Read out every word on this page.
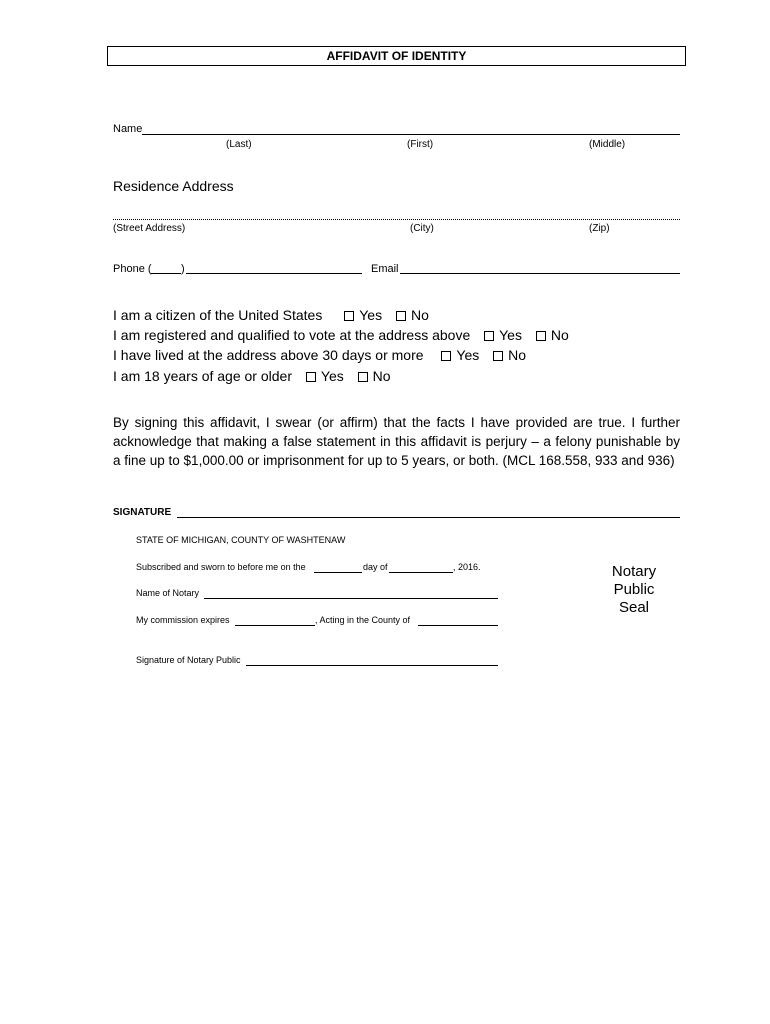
AFFIDAVIT OF IDENTITY
Name
(Last)	(First)	(Middle)
Residence Address
(Street Address)	(City)	(Zip)
Phone (	)	Email
I am a citizen of the United States	Yes No
I am registered and qualified to vote at the address above Yes No
I have lived at the address above 30 days or more Yes No
I am 18 years of age or older Yes No
By signing this affidavit, I swear (or affirm) that the facts I have provided are true. I further acknowledge that making a false statement in this affidavit is perjury – a felony punishable by a fine up to $1,000.00 or imprisonment for up to 5 years, or both. (MCL 168.558, 933 and 936)
SIGNATURE
STATE OF MICHIGAN, COUNTY OF WASHTENAW
Subscribed and sworn to before me on the	day of	, 2016.
Name of Notary
My commission expires	, Acting in the County of
Signature of Notary Public
Notary
Public
Seal
